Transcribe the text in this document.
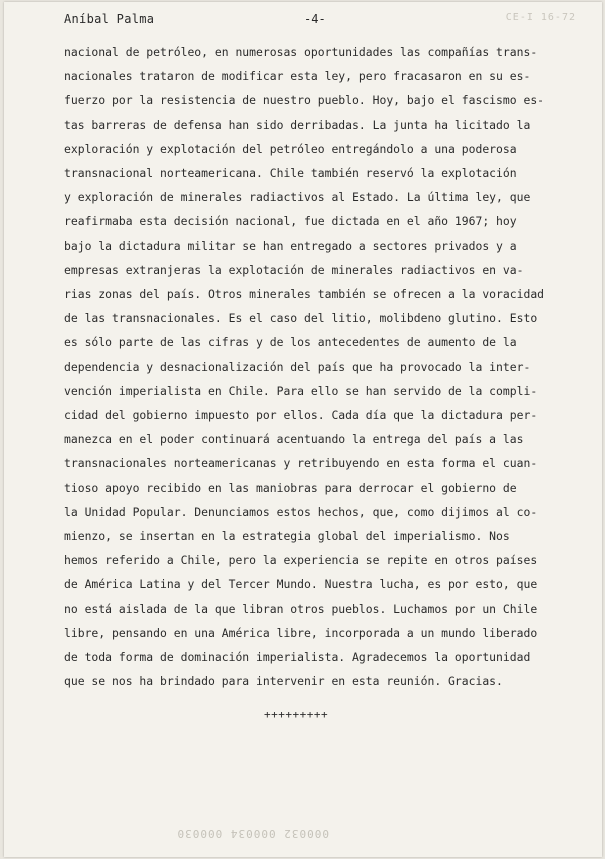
Aníbal Palma	-4-	CE-I 16-72
nacional de petróleo, en numerosas oportunidades las compañías trans-
nacionales trataron de modificar esta ley, pero fracasaron en su es-
fuerzo por la resistencia de nuestro pueblo. Hoy, bajo el fascismo es-
tas barreras de defensa han sido derribadas. La junta ha licitado la
exploración y explotación del petróleo entregándolo a una poderosa
transnacional norteamericana. Chile también reservó la explotación
y exploración de minerales radiactivos al Estado. La última ley, que
reafirmaba esta decisión nacional, fue dictada en el año 1967; hoy
bajo la dictadura militar se han entregado a sectores privados y a
empresas extranjeras la explotación de minerales radiactivos en va-
rias zonas del país. Otros minerales también se ofrecen a la voracidad
de las transnacionales. Es el caso del litio, molibdeno glutino. Esto
es sólo parte de las cifras y de los antecedentes de aumento de la
dependencia y desnacionalización del país que ha provocado la inter-
vención imperialista en Chile. Para ello se han servido de la compli-
cidad del gobierno impuesto por ellos. Cada día que la dictadura per-
manezca en el poder continuará acentuando la entrega del país a las
transnacionales norteamericanas y retribuyendo en esta forma el cuan-
tioso apoyo recibido en las maniobras para derrocar el gobierno de
la Unidad Popular. Denunciamos estos hechos, que, como dijimos al co-
mienzo, se insertan en la estrategia global del imperialismo. Nos
hemos referido a Chile, pero la experiencia se repite en otros países
de América Latina y del Tercer Mundo. Nuestra lucha, es por esto, que
no está aislada de la que libran otros pueblos. Luchamos por un Chile
libre, pensando en una América libre, incorporada a un mundo liberado
de toda forma de dominación imperialista. Agradecemos la oportunidad
que se nos ha brindado para intervenir en esta reunión. Gracias.
+++++++++
000032 000034 000030
